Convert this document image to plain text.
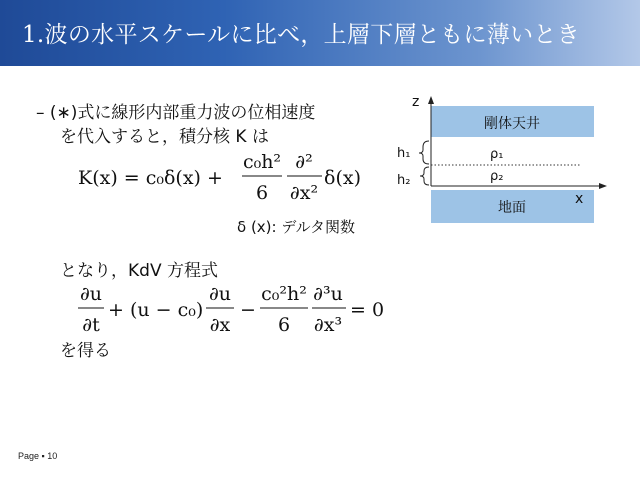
1.波の水平スケールに比べ，上層下層ともに薄いとき
– (∗)式に線形内部重力波の位相速度
を代入すると，積分核 K は
K(x) = c₀δ(x) +
c₀h²
6
∂²
∂x²
δ(x)
δ (x): デルタ関数
となり，KdV 方程式
∂u
∂t
+ (u − c₀)
∂u
∂x
−
c₀²h²
6
∂³u
∂x³
= 0
を得る
剛体天井
地面
z
x
h₁
h₂
ρ₁
ρ₂
Page ▪ 10
